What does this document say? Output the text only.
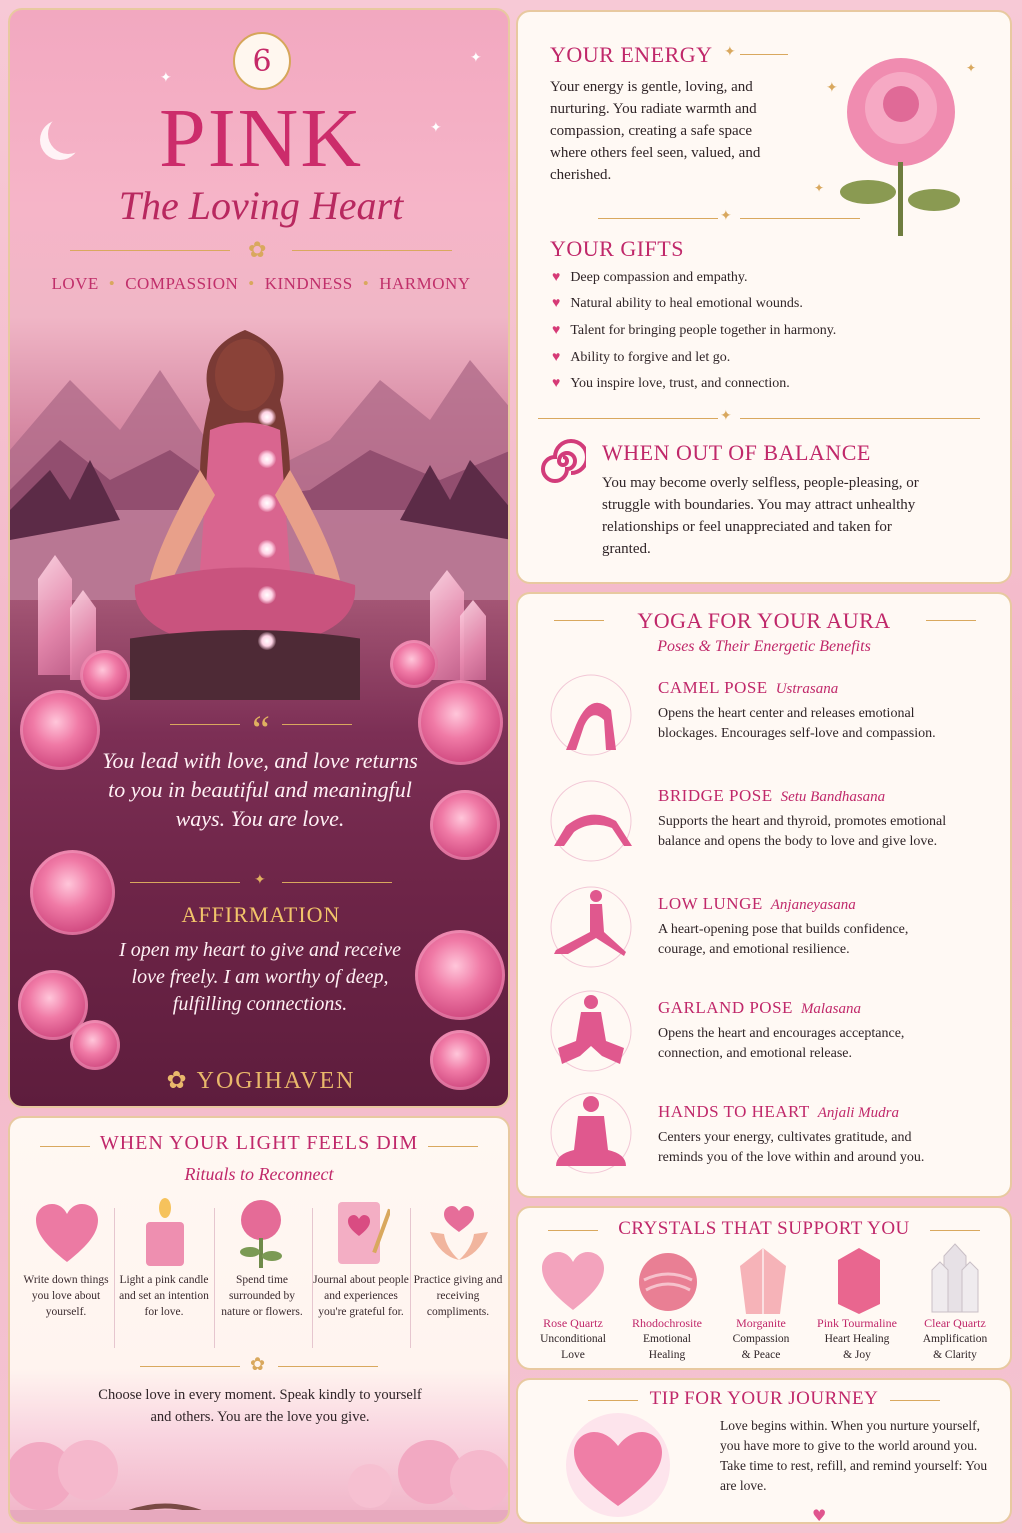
✦
✦
✦
6
PINK
The Loving Heart
✿
LOVE • COMPASSION • KINDNESS • HARMONY
“
You lead with love, and love returns to you in beautiful and meaningful ways. You are love.
✦
AFFIRMATION
I open my heart to give and receive love freely. I am worthy of deep, fulfilling connections.
✿ YOGIHAVEN
WHEN YOUR LIGHT FEELS DIM
Rituals to Reconnect
Write down things you love about yourself.
Light a pink candle and set an intention for love.
Spend time surrounded by nature or flowers.
Journal about people and experiences you're grateful for.
Practice giving and receiving compliments.
✿
Choose love in every moment. Speak kindly to yourself and others. You are the love you give.
YOUR ENERGY ✦
Your energy is gentle, loving, and nurturing. You radiate warmth and compassion, creating a safe space where others feel seen, valued, and cherished.
✦
✦
✦
✦
YOUR GIFTS
♥ Deep compassion and empathy.
♥ Natural ability to heal emotional wounds.
♥ Talent for bringing people together in harmony.
♥ Ability to forgive and let go.
♥ You inspire love, trust, and connection.
✦
WHEN OUT OF BALANCE
You may become overly selfless, people-pleasing, or struggle with boundaries. You may attract unhealthy relationships or feel unappreciated and taken for granted.
YOGA FOR YOUR AURA
Poses & Their Energetic Benefits
CAMEL POSE Ustrasana
Opens the heart center and releases emotional blockages. Encourages self-love and compassion.
BRIDGE POSE Setu Bandhasana
Supports the heart and thyroid, promotes emotional balance and opens the body to love and give love.
LOW LUNGE Anjaneyasana
A heart-opening pose that builds confidence, courage, and emotional resilience.
GARLAND POSE Malasana
Opens the heart and encourages acceptance, connection, and emotional release.
HANDS TO HEART Anjali Mudra
Centers your energy, cultivates gratitude, and reminds you of the love within and around you.
CRYSTALS THAT SUPPORT YOU
Rose Quartz
Unconditional
Love
Rhodochrosite
Emotional
Healing
Morganite
Compassion
& Peace
Pink Tourmaline
Heart Healing
& Joy
Clear Quartz
Amplification
& Clarity
TIP FOR YOUR JOURNEY
Love begins within. When you nurture yourself, you have more to give to the world around you. Take time to rest, refill, and remind yourself: You are love.
♥
